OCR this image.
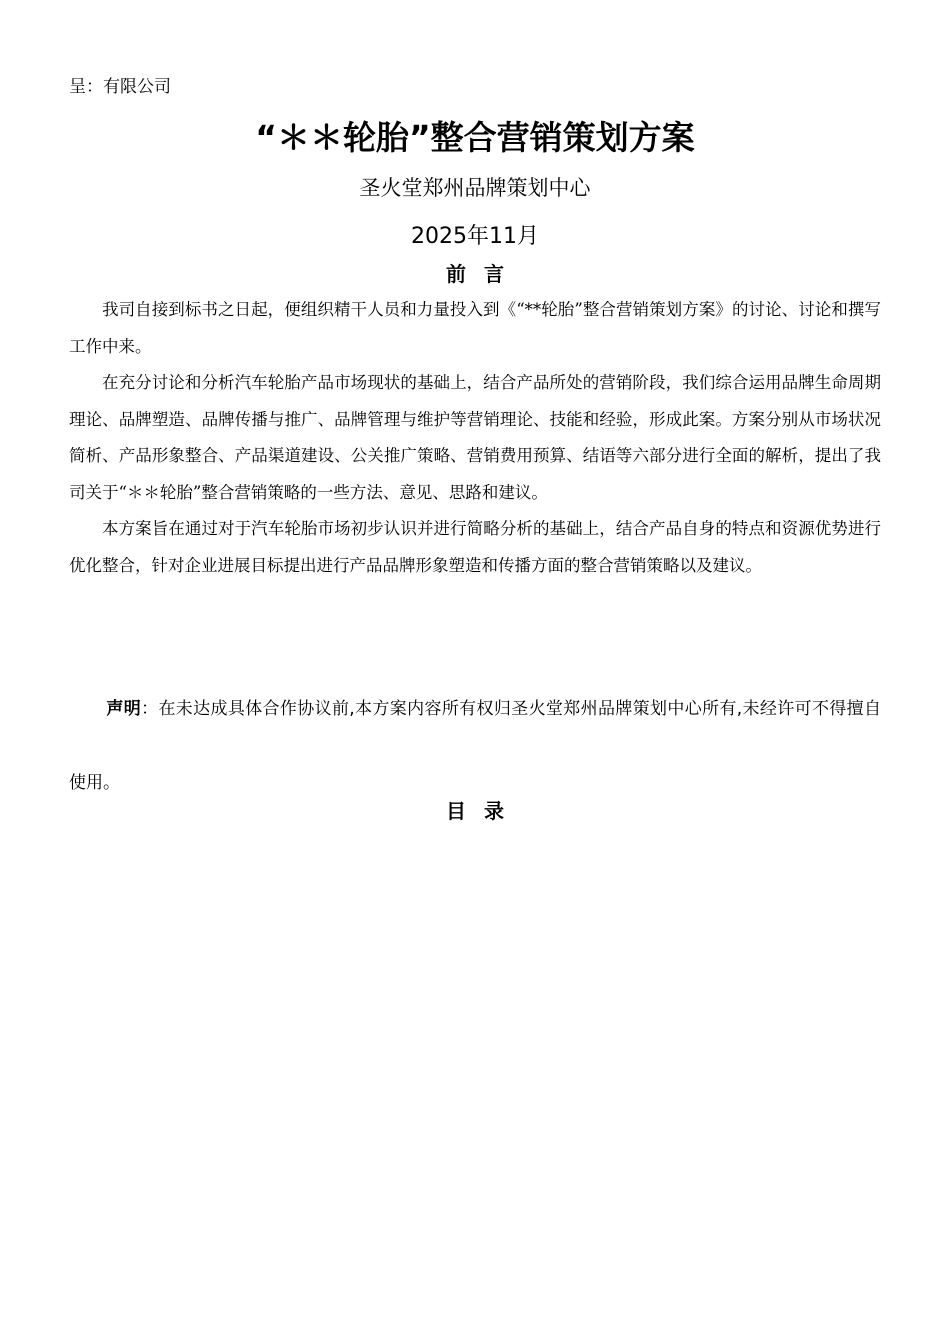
呈：有限公司
“＊＊轮胎”整合营销策划方案
圣火堂郑州品牌策划中心
2025年11月
前言

我司自接到标书之日起，便组织精干人员和力量投入到《“**轮胎”整合营销策划方案》的讨论、讨论和撰写工作中来。

在充分讨论和分析汽车轮胎产品市场现状的基础上，结合产品所处的营销阶段，我们综合运用品牌生命周期理论、品牌塑造、品牌传播与推广、品牌管理与维护等营销理论、技能和经验，形成此案。方案分别从市场状况简析、产品形象整合、产品渠道建设、公关推广策略、营销费用预算、结语等六部分进行全面的解析，提出了我司关于“＊＊轮胎”整合营销策略的一些方法、意见、思路和建议。

本方案旨在通过对于汽车轮胎市场初步认识并进行简略分析的基础上，结合产品自身的特点和资源优势进行优化整合，针对企业进展目标提出进行产品品牌形象塑造和传播方面的整合营销策略以及建议。

声明：在未达成具体合作协议前,本方案内容所有权归圣火堂郑州品牌策划中心所有,未经许可不得擅自使用。
目录
